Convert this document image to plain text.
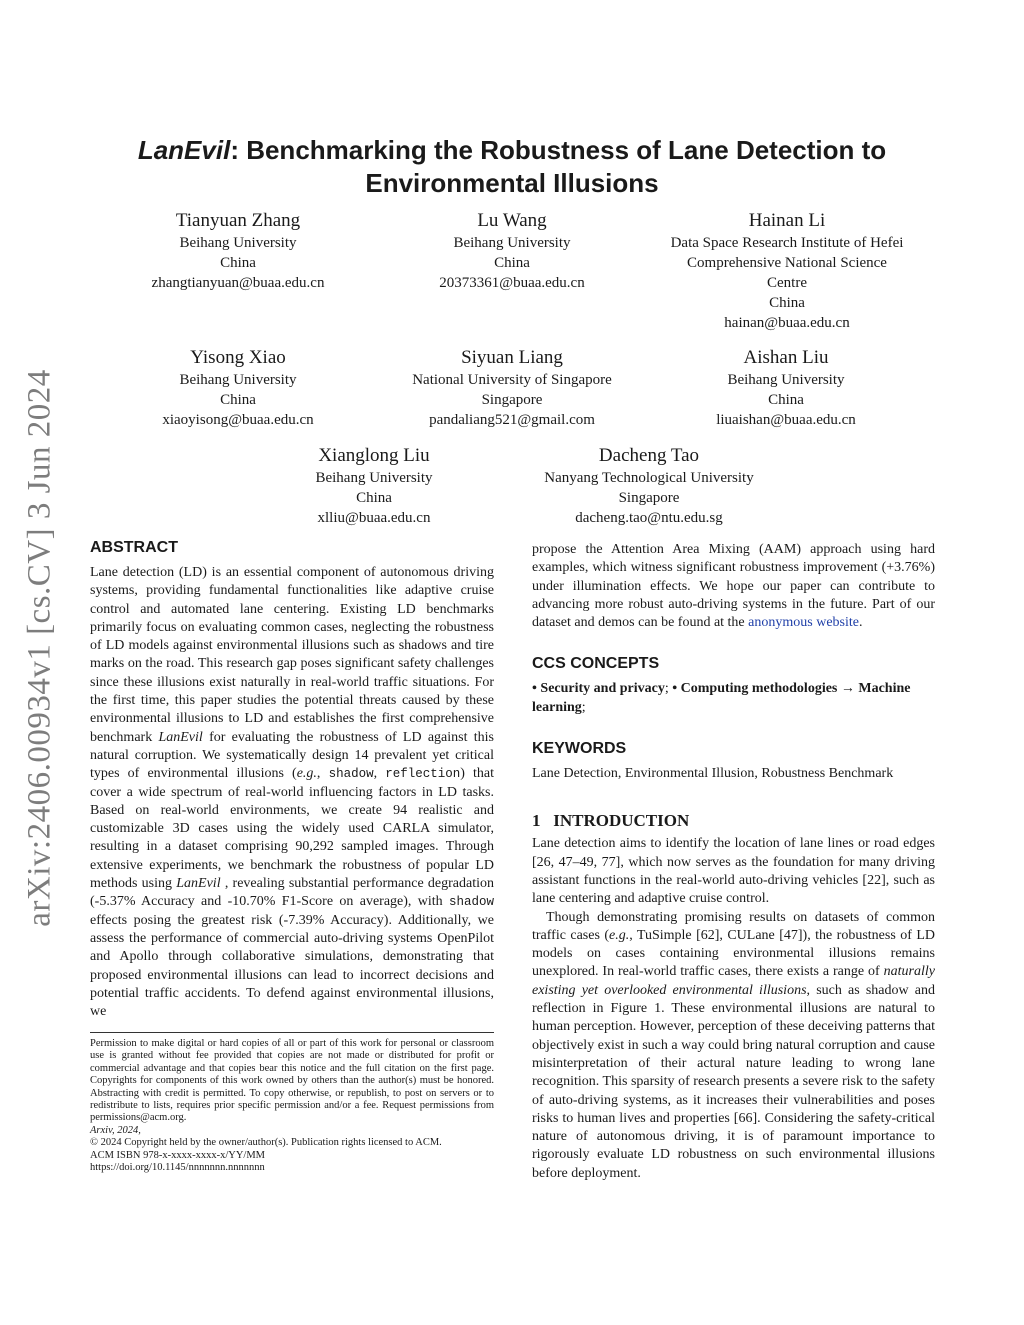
arXiv:2406.00934v1 [cs.CV] 3 Jun 2024
LanEvil: Benchmarking the Robustness of Lane Detection to Environmental Illusions
Tianyuan Zhang
Beihang University
China
zhangtianyuan@buaa.edu.cn
Lu Wang
Beihang University
China
20373361@buaa.edu.cn
Hainan Li
Data Space Research Institute of Hefei
Comprehensive National Science
Centre
China
hainan@buaa.edu.cn
Yisong Xiao
Beihang University
China
xiaoyisong@buaa.edu.cn
Siyuan Liang
National University of Singapore
Singapore
pandaliang521@gmail.com
Aishan Liu
Beihang University
China
liuaishan@buaa.edu.cn
Xianglong Liu
Beihang University
China
xlliu@buaa.edu.cn
Dacheng Tao
Nanyang Technological University
Singapore
dacheng.tao@ntu.edu.sg
ABSTRACT

Lane detection (LD) is an essential component of autonomous driving systems, providing fundamental functionalities like adaptive cruise control and automated lane centering. Existing LD benchmarks primarily focus on evaluating common cases, neglecting the robustness of LD models against environmental illusions such as shadows and tire marks on the road. This research gap poses significant safety challenges since these illusions exist naturally in real-world traffic situations. For the first time, this paper studies the potential threats caused by these environmental illusions to LD and establishes the first comprehensive benchmark LanEvil for evaluating the robustness of LD against this natural corruption. We systematically design 14 prevalent yet critical types of environmental illusions (e.g., shadow, reflection) that cover a wide spectrum of real-world influencing factors in LD tasks. Based on real-world environments, we create 94 realistic and customizable 3D cases using the widely used CARLA simulator, resulting in a dataset comprising 90,292 sampled images. Through extensive experiments, we benchmark the robustness of popular LD methods using LanEvil , revealing substantial performance degradation (-5.37% Accuracy and -10.70% F1-Score on average), with shadow effects posing the greatest risk (-7.39% Accuracy). Additionally, we assess the performance of commercial auto-driving systems OpenPilot and Apollo through collaborative simulations, demonstrating that proposed environmental illusions can lead to incorrect decisions and potential traffic accidents. To defend against environmental illusions, we

Permission to make digital or hard copies of all or part of this work for personal or classroom use is granted without fee provided that copies are not made or distributed for profit or commercial advantage and that copies bear this notice and the full citation on the first page. Copyrights for components of this work owned by others than the author(s) must be honored. Abstracting with credit is permitted. To copy otherwise, or republish, to post on servers or to redistribute to lists, requires prior specific permission and/or a fee. Request permissions from permissions@acm.org.

Arxiv, 2024,

© 2024 Copyright held by the owner/author(s). Publication rights licensed to ACM.

ACM ISBN 978-x-xxxx-xxxx-x/YY/MM

https://doi.org/10.1145/nnnnnnn.nnnnnnn

propose the Attention Area Mixing (AAM) approach using hard examples, which witness significant robustness improvement (+3.76%) under illumination effects. We hope our paper can contribute to advancing more robust auto-driving systems in the future. Part of our dataset and demos can be found at the anonymous website.

CCS CONCEPTS

• Security and privacy; • Computing methodologies → Machine learning;

KEYWORDS

Lane Detection, Environmental Illusion, Robustness Benchmark

1 INTRODUCTION

Lane detection aims to identify the location of lane lines or road edges [26, 47–49, 77], which now serves as the foundation for many driving assistant functions in the real-world auto-driving vehicles [22], such as lane centering and adaptive cruise control.

Though demonstrating promising results on datasets of common traffic cases (e.g., TuSimple [62], CULane [47]), the robustness of LD models on cases containing environmental illusions remains unexplored. In real-world traffic cases, there exists a range of naturally existing yet overlooked environmental illusions, such as shadow and reflection in Figure 1. These environmental illusions are natural to human perception. However, perception of these deceiving patterns that objectively exist in such a way could bring natural corruption and cause misinterpretation of their actural nature leading to wrong lane recognition. This sparsity of research presents a severe risk to the safety of auto-driving systems, as it increases their vulnerabilities and poses risks to human lives and properties [66]. Considering the safety-critical nature of autonomous driving, it is of paramount importance to rigorously evaluate LD robustness on such environmental illusions before deployment.
